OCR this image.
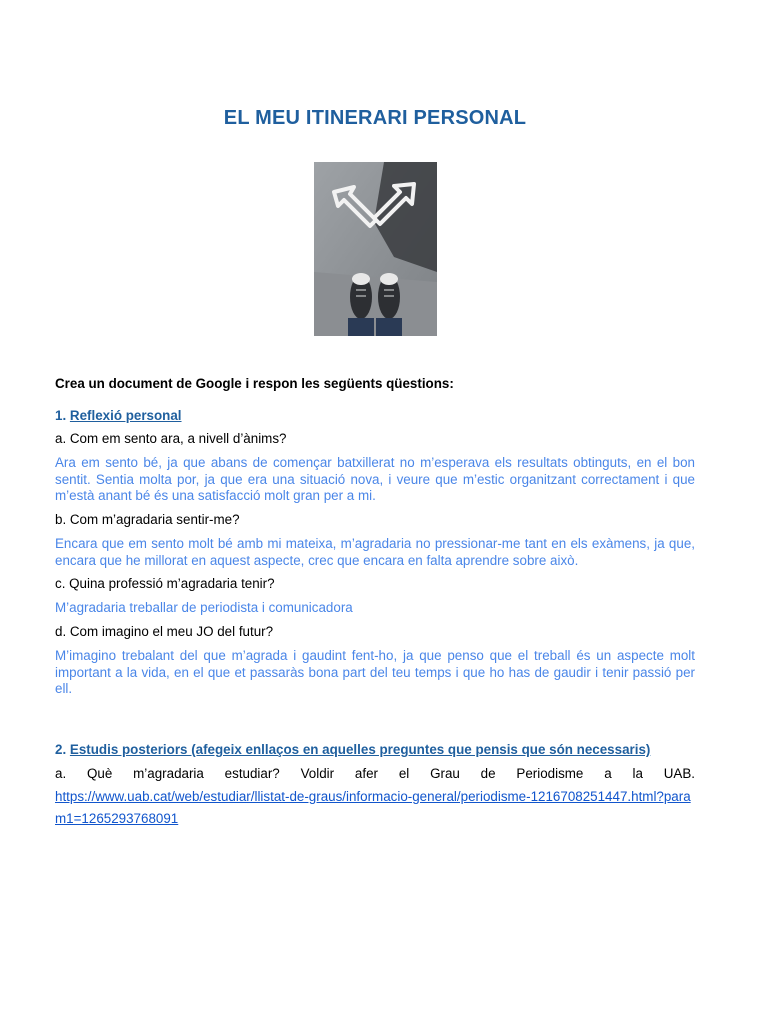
EL MEU ITINERARI PERSONAL
Crea un document de Google i respon les següents qüestions:
1. Reflexió personal
a. Com em sento ara, a nivell d’ànims?
Ara em sento bé, ja que abans de començar batxillerat no m’esperava els resultats obtinguts, en el bon sentit. Sentia molta por, ja que era una situació nova, i veure que m’estic organitzant correctament i que m’està anant bé és una satisfacció molt gran per a mi.
b. Com m’agradaria sentir-me?
Encara que em sento molt bé amb mi mateixa, m’agradaria no pressionar-me tant en els exàmens, ja que, encara que he millorat en aquest aspecte, crec que encara en falta aprendre sobre això.
c. Quina professió m’agradaria tenir?
M’agradaria treballar de periodista i comunicadora
d. Com imagino el meu JO del futur?
M’imagino trebalant del que m’agrada i gaudint fent-ho, ja que penso que el treball és un aspecte molt important a la vida, en el que et passaràs bona part del teu temps i que ho has de gaudir i tenir passió per ell.
2. Estudis posteriors (afegeix enllaços en aquelles preguntes que pensis que són necessaris)
a. Què m’agradaria estudiar? Voldir afer el Grau de Periodisme a la UAB.
https://www.uab.cat/web/estudiar/llistat-de-graus/informacio-general/periodisme-1216708251447.html?param1=1265293768091
